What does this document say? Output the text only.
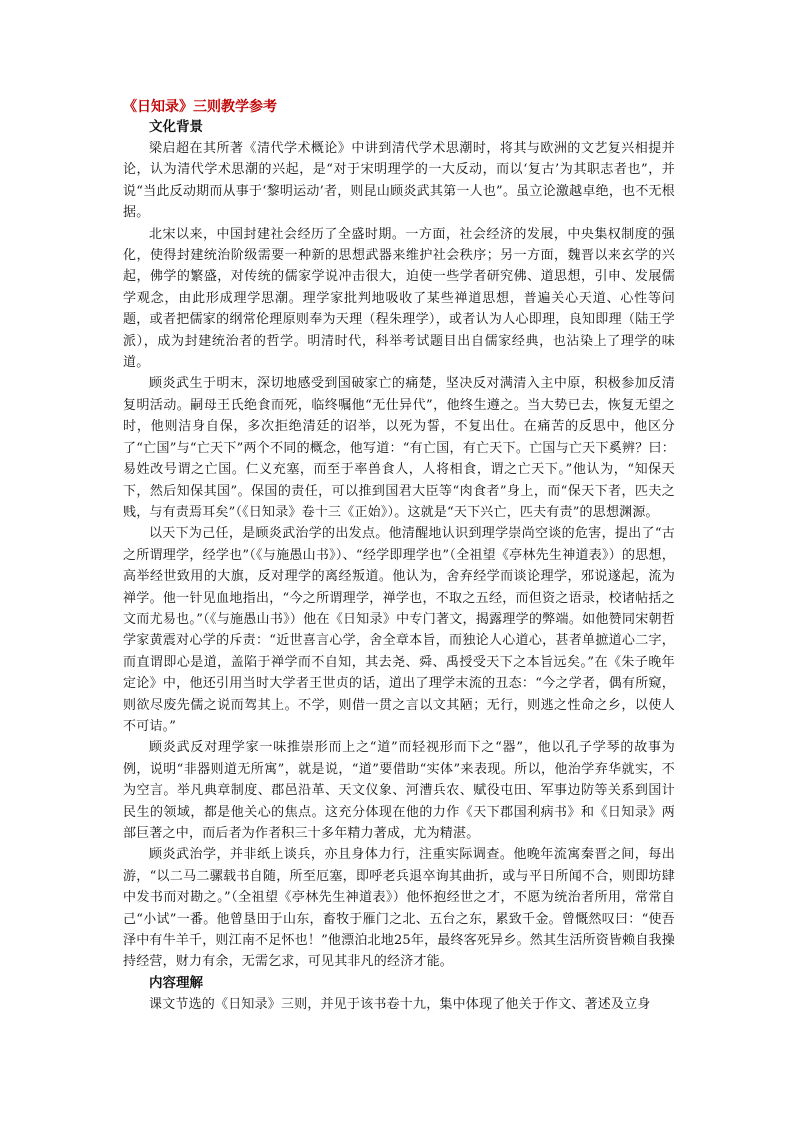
《日知录》三则教学参考
文化背景

梁启超在其所著《清代学术概论》中讲到清代学术思潮时，将其与欧洲的文艺复兴相提并论，认为清代学术思潮的兴起，是“对于宋明理学的一大反动，而以‘复古’为其职志者也”，并说“当此反动期而从事于‘黎明运动’者，则昆山顾炎武其第一人也”。虽立论激越卓绝，也不无根据。

北宋以来，中国封建社会经历了全盛时期。一方面，社会经济的发展，中央集权制度的强化，使得封建统治阶级需要一种新的思想武器来维护社会秩序；另一方面，魏晋以来玄学的兴起，佛学的繁盛，对传统的儒家学说冲击很大，迫使一些学者研究佛、道思想，引申、发展儒学观念，由此形成理学思潮。理学家批判地吸收了某些禅道思想，普遍关心天道、心性等问题，或者把儒家的纲常伦理原则奉为天理（程朱理学），或者认为人心即理，良知即理（陆王学派），成为封建统治者的哲学。明清时代，科举考试题目出自儒家经典，也沾染上了理学的味道。

顾炎武生于明末，深切地感受到国破家亡的痛楚，坚决反对满清入主中原，积极参加反清复明活动。嗣母王氏绝食而死，临终嘱他“无仕异代”，他终生遵之。当大势已去，恢复无望之时，他则洁身自保，多次拒绝清廷的诏举，以死为誓，不复出仕。在痛苦的反思中，他区分了“亡国”与“亡天下”两个不同的概念，他写道：“有亡国，有亡天下。亡国与亡天下奚辨？曰：易姓改号谓之亡国。仁义充塞，而至于率兽食人，人将相食，谓之亡天下。”他认为，“知保天下，然后知保其国”。保国的责任，可以推到国君大臣等“肉食者”身上，而“保天下者，匹夫之贱，与有责焉耳矣”（《日知录》卷十三《正始》）。这就是“天下兴亡，匹夫有责”的思想渊源。

以天下为己任，是顾炎武治学的出发点。他清醒地认识到理学崇尚空谈的危害，提出了“古之所谓理学，经学也”（《与施愚山书》）、“经学即理学也”（全祖望《亭林先生神道表》）的思想，高举经世致用的大旗，反对理学的离经叛道。他认为，舍弃经学而谈论理学，邪说遂起，流为禅学。他一针见血地指出，“今之所谓理学，禅学也，不取之五经，而但资之语录，校诸帖括之文而尤易也。”（《与施愚山书》）他在《日知录》中专门著文，揭露理学的弊端。如他赞同宋朝哲学家黄震对心学的斥责：“近世喜言心学，舍全章本旨，而独论人心道心，甚者单摭道心二字，而直谓即心是道，盖陷于禅学而不自知，其去尧、舜、禹授受天下之本旨远矣。”在《朱子晚年定论》中，他还引用当时大学者王世贞的话，道出了理学末流的丑态：“今之学者，偶有所窥，则欲尽废先儒之说而驾其上。不学，则借一贯之言以文其陋；无行，则逃之性命之乡，以使人不可诘。”

顾炎武反对理学家一味推崇形而上之“道”而轻视形而下之“器”，他以孔子学琴的故事为例，说明“非器则道无所寓”，就是说，“道”要借助“实体”来表现。所以，他治学弃华就实，不为空言。举凡典章制度、郡邑沿革、天文仪象、河漕兵农、赋役屯田、军事边防等关系到国计民生的领域，都是他关心的焦点。这充分体现在他的力作《天下郡国利病书》和《日知录》两部巨著之中，而后者为作者积三十多年精力著成，尤为精湛。

顾炎武治学，并非纸上谈兵，亦且身体力行，注重实际调查。他晚年流寓秦晋之间，每出游，“以二马二骡载书自随，所至厄塞，即呼老兵退卒询其曲折，或与平日所闻不合，则即坊肆中发书而对勘之。”（全祖望《亭林先生神道表》）他怀抱经世之才，不愿为统治者所用，常常自己“小试”一番。他曾垦田于山东，畜牧于雁门之北、五台之东，累致千金。曾慨然叹曰：“使吾泽中有牛羊千，则江南不足怀也！”他漂泊北地25年，最终客死异乡。然其生活所资皆赖自我操持经营，财力有余，无需乞求，可见其非凡的经济才能。

内容理解

课文节选的《日知录》三则，并见于该书卷十九，集中体现了他关于作文、著述及立身
